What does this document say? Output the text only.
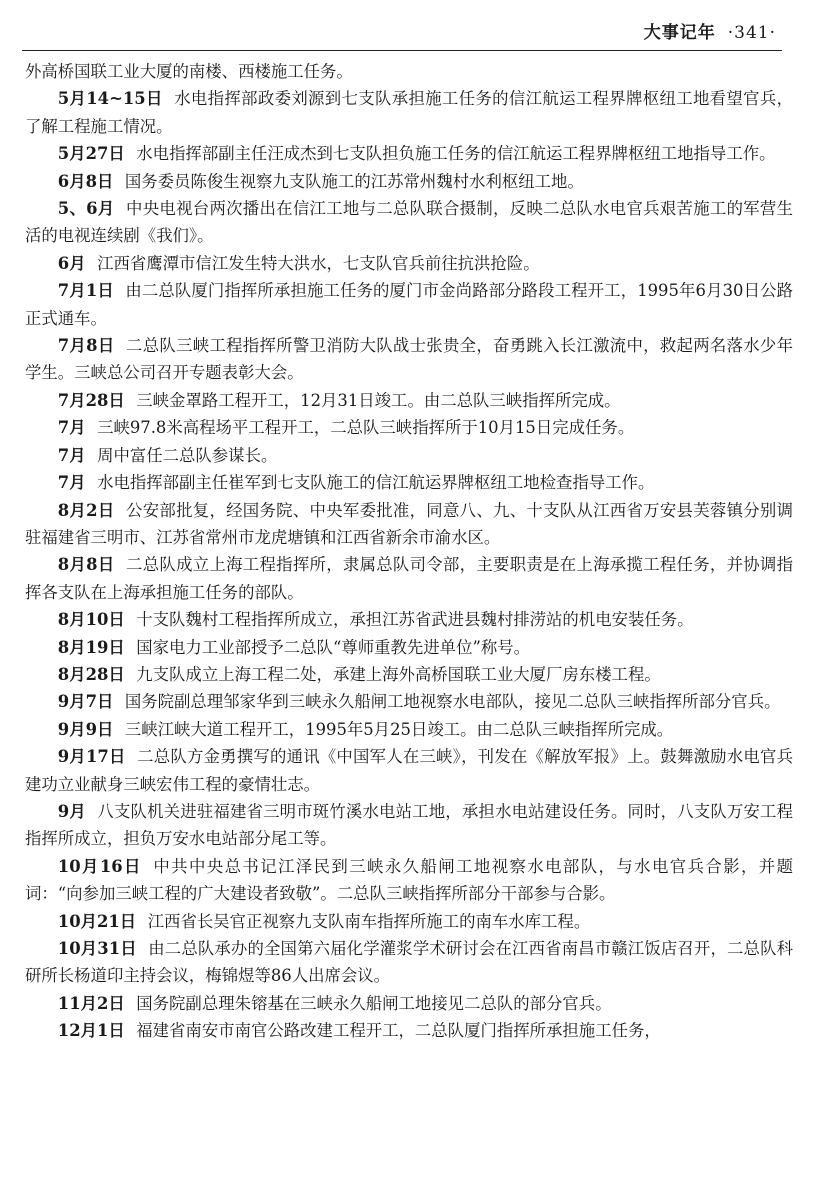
大事记年 ·341·

外高桥国联工业大厦的南楼、西楼施工任务。

5月14~15日 水电指挥部政委刘源到七支队承担施工任务的信江航运工程界牌枢纽工地看望官兵，了解工程施工情况。

5月27日 水电指挥部副主任汪成杰到七支队担负施工任务的信江航运工程界牌枢纽工地指导工作。

6月8日 国务委员陈俊生视察九支队施工的江苏常州魏村水利枢纽工地。

5、6月 中央电视台两次播出在信江工地与二总队联合摄制，反映二总队水电官兵艰苦施工的军营生活的电视连续剧《我们》。

6月 江西省鹰潭市信江发生特大洪水，七支队官兵前往抗洪抢险。

7月1日 由二总队厦门指挥所承担施工任务的厦门市金尚路部分路段工程开工，1995年6月30日公路正式通车。

7月8日 二总队三峡工程指挥所警卫消防大队战士张贵全，奋勇跳入长江激流中，救起两名落水少年学生。三峡总公司召开专题表彰大会。

7月28日 三峡金罩路工程开工，12月31日竣工。由二总队三峡指挥所完成。

7月 三峡97.8米高程场平工程开工，二总队三峡指挥所于10月15日完成任务。

7月 周中富任二总队参谋长。

7月 水电指挥部副主任崔军到七支队施工的信江航运界牌枢纽工地检查指导工作。

8月2日 公安部批复，经国务院、中央军委批准，同意八、九、十支队从江西省万安县芙蓉镇分别调驻福建省三明市、江苏省常州市龙虎塘镇和江西省新余市渝水区。

8月8日 二总队成立上海工程指挥所，隶属总队司令部，主要职责是在上海承揽工程任务，并协调指挥各支队在上海承担施工任务的部队。

8月10日 十支队魏村工程指挥所成立，承担江苏省武进县魏村排涝站的机电安装任务。

8月19日 国家电力工业部授予二总队“尊师重教先进单位”称号。

8月28日 九支队成立上海工程二处，承建上海外高桥国联工业大厦厂房东楼工程。

9月7日 国务院副总理邹家华到三峡永久船闸工地视察水电部队，接见二总队三峡指挥所部分官兵。

9月9日 三峡江峡大道工程开工，1995年5月25日竣工。由二总队三峡指挥所完成。

9月17日 二总队方金勇撰写的通讯《中国军人在三峡》，刊发在《解放军报》上。鼓舞激励水电官兵建功立业献身三峡宏伟工程的豪情壮志。

9月 八支队机关进驻福建省三明市斑竹溪水电站工地，承担水电站建设任务。同时，八支队万安工程指挥所成立，担负万安水电站部分尾工等。

10月16日 中共中央总书记江泽民到三峡永久船闸工地视察水电部队，与水电官兵合影，并题词：“向参加三峡工程的广大建设者致敬”。二总队三峡指挥所部分干部参与合影。

10月21日 江西省长吴官正视察九支队南车指挥所施工的南车水库工程。

10月31日 由二总队承办的全国第六届化学灌浆学术研讨会在江西省南昌市赣江饭店召开，二总队科研所长杨道印主持会议，梅锦煜等86人出席会议。

11月2日 国务院副总理朱镕基在三峡永久船闸工地接见二总队的部分官兵。

12月1日 福建省南安市南官公路改建工程开工，二总队厦门指挥所承担施工任务，
